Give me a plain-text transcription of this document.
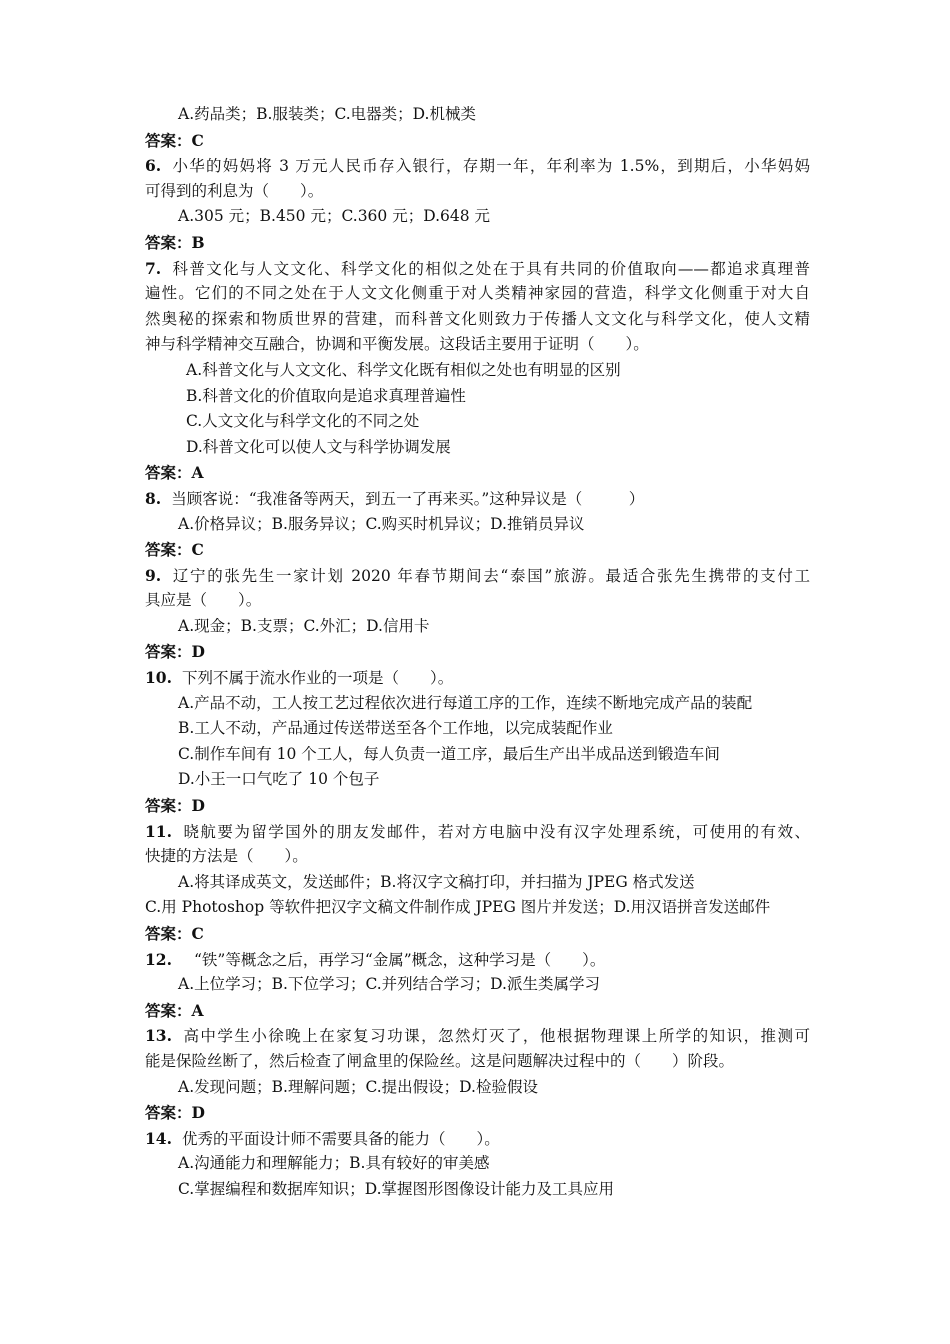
A.药品类；B.服装类；C.电器类；D.机械类
答案：C
6. 小华的妈妈将 3 万元人民币存入银行，存期一年，年利率为 1.5%，到期后，小华妈妈
可得到的利息为（　　）。
A.305 元；B.450 元；C.360 元；D.648 元
答案：B
7. 科普文化与人文文化、科学文化的相似之处在于具有共同的价值取向——都追求真理普
遍性。它们的不同之处在于人文文化侧重于对人类精神家园的营造，科学文化侧重于对大自
然奥秘的探索和物质世界的营建，而科普文化则致力于传播人文文化与科学文化，使人文精
神与科学精神交互融合，协调和平衡发展。这段话主要用于证明（　　）。
A.科普文化与人文文化、科学文化既有相似之处也有明显的区别
B.科普文化的价值取向是追求真理普遍性
C.人文文化与科学文化的不同之处
D.科普文化可以使人文与科学协调发展
答案：A
8. 当顾客说：“我准备等两天，到五一了再来买。”这种异议是（　　　）
A.价格异议；B.服务异议；C.购买时机异议；D.推销员异议
答案：C
9. 辽宁的张先生一家计划 2020 年春节期间去“泰国”旅游。最适合张先生携带的支付工
具应是（　　）。
A.现金；B.支票；C.外汇；D.信用卡
答案：D
10. 下列不属于流水作业的一项是（　　）。
A.产品不动，工人按工艺过程依次进行每道工序的工作，连续不断地完成产品的装配
B.工人不动，产品通过传送带送至各个工作地，以完成装配作业
C.制作车间有 10 个工人，每人负责一道工序，最后生产出半成品送到锻造车间
D.小王一口气吃了 10 个包子
答案：D
11. 晓航要为留学国外的朋友发邮件，若对方电脑中没有汉字处理系统，可使用的有效、
快捷的方法是（　　）。
A.将其译成英文，发送邮件；B.将汉字文稿打印，并扫描为 JPEG 格式发送
C.用 Photoshop 等软件把汉字文稿文件制作成 JPEG 图片并发送；D.用汉语拼音发送邮件
答案：C
12. “铁”等概念之后，再学习“金属”概念，这种学习是（　　）。
A.上位学习；B.下位学习；C.并列结合学习；D.派生类属学习
答案：A
13. 高中学生小徐晚上在家复习功课，忽然灯灭了，他根据物理课上所学的知识，推测可
能是保险丝断了，然后检查了闸盒里的保险丝。这是问题解决过程中的（　　）阶段。
A.发现问题；B.理解问题；C.提出假设；D.检验假设
答案：D
14. 优秀的平面设计师不需要具备的能力（　　）。
A.沟通能力和理解能力；B.具有较好的审美感
C.掌握编程和数据库知识；D.掌握图形图像设计能力及工具应用
